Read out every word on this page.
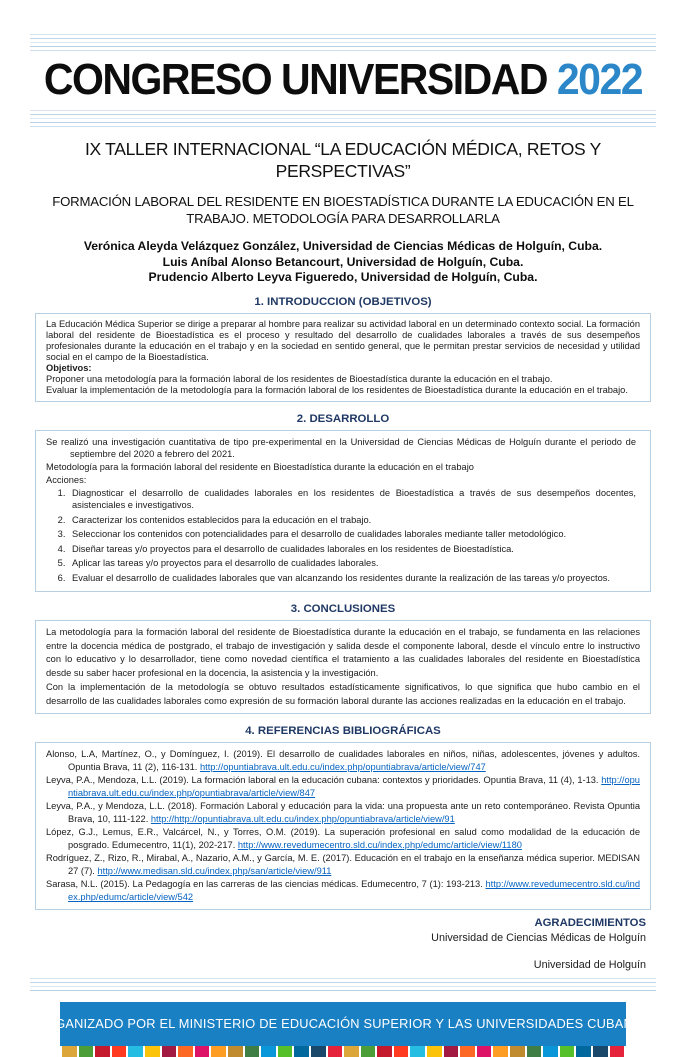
CONGRESO UNIVERSIDAD 2022
IX TALLER INTERNACIONAL “LA EDUCACIÓN MÉDICA, RETOS Y PERSPECTIVAS”
FORMACIÓN LABORAL DEL RESIDENTE EN BIOESTADÍSTICA DURANTE LA EDUCACIÓN EN EL TRABAJO. METODOLOGÍA PARA DESARROLLARLA
Verónica Aleyda Velázquez González, Universidad de Ciencias Médicas de Holguín, Cuba.
Luis Aníbal Alonso Betancourt, Universidad de Holguín, Cuba.
Prudencio Alberto Leyva Figueredo, Universidad de Holguín, Cuba.
1. INTRODUCCION (OBJETIVOS)
La Educación Médica Superior se dirige a preparar al hombre para realizar su actividad laboral en un determinado contexto social. La formación laboral del residente de Bioestadística es el proceso y resultado del desarrollo de cualidades laborales a través de sus desempeños profesionales durante la educación en el trabajo y en la sociedad en sentido general, que le permitan prestar servicios de necesidad y utilidad social en el campo de la Bioestadística.
Objetivos:
Proponer una metodología para la formación laboral de los residentes de Bioestadística durante la educación en el trabajo.
Evaluar la implementación de la metodología para la formación laboral de los residentes de Bioestadística durante la educación en el trabajo.
2. DESARROLLO

Se realizó una investigación cuantitativa de tipo pre-experimental en la Universidad de Ciencias Médicas de Holguín durante el periodo de septiembre del 2020 a febrero del 2021.

Metodología para la formación laboral del residente en Bioestadística durante la educación en el trabajo

Acciones:

1. Diagnosticar el desarrollo de cualidades laborales en los residentes de Bioestadística a través de sus desempeños docentes, asistenciales e investigativos.
2. Caracterizar los contenidos establecidos para la educación en el trabajo.
3. Seleccionar los contenidos con potencialidades para el desarrollo de cualidades laborales mediante taller metodológico.
4. Diseñar tareas y/o proyectos para el desarrollo de cualidades laborales en los residentes de Bioestadística.
5. Aplicar las tareas y/o proyectos para el desarrollo de cualidades laborales.
6. Evaluar el desarrollo de cualidades laborales que van alcanzando los residentes durante la realización de las tareas y/o proyectos.
3. CONCLUSIONES

La metodología para la formación laboral del residente de Bioestadística durante la educación en el trabajo, se fundamenta en las relaciones entre la docencia médica de postgrado, el trabajo de investigación y salida desde el componente laboral, desde el vínculo entre lo instructivo con lo educativo y lo desarrollador, tiene como novedad científica el tratamiento a las cualidades laborales del residente en Bioestadística desde su saber hacer profesional en la docencia, la asistencia y la investigación.

Con la implementación de la metodología se obtuvo resultados estadísticamente significativos, lo que significa que hubo cambio en el desarrollo de las cualidades laborales como expresión de su formación laboral durante las acciones realizadas en la educación en el trabajo.

4. REFERENCIAS BIBLIOGRÁFICAS
Alonso, L.A, Martínez, O., y Domínguez, I. (2019). El desarrollo de cualidades laborales en niños, niñas, adolescentes, jóvenes y adultos. Opuntia Brava, 11 (2), 116-131. http://opuntiabrava.ult.edu.cu/index.php/opuntiabrava/article/view/747
Leyva, P.A., Mendoza, L.L. (2019). La formación laboral en la educación cubana: contextos y prioridades. Opuntia Brava, 11 (4), 1-13. http://opuntiabrava.ult.edu.cu/index.php/opuntiabrava/article/view/847
Leyva, P.A., y Mendoza, L.L. (2018). Formación Laboral y educación para la vida: una propuesta ante un reto contemporáneo. Revista Opuntia Brava, 10, 111-122. http://http://opuntiabrava.ult.edu.cu/index.php/opuntiabrava/article/view/91
López, G.J., Lemus, E.R., Valcárcel, N., y Torres, O.M. (2019). La superación profesional en salud como modalidad de la educación de posgrado. Edumecentro, 11(1), 202-217. http://www.revedumecentro.sld.cu/index.php/edumc/article/view/1180
Rodríguez, Z., Rizo, R., Mirabal, A., Nazario, A.M., y García, M. E. (2017). Educación en el trabajo en la enseñanza médica superior. MEDISAN 27 (7). http://www.medisan.sld.cu/index.php/san/article/view/911
Sarasa, N.L. (2015). La Pedagogía en las carreras de las ciencias médicas. Edumecentro, 7 (1): 193-213. http://www.revedumecentro.sld.cu/index.php/edumc/article/view/542
AGRADECIMIENTOS
Universidad de Ciencias Médicas de Holguín
Universidad de Holguín
ORGANIZADO POR EL MINISTERIO DE EDUCACIÓN SUPERIOR Y LAS UNIVERSIDADES CUBANAS
